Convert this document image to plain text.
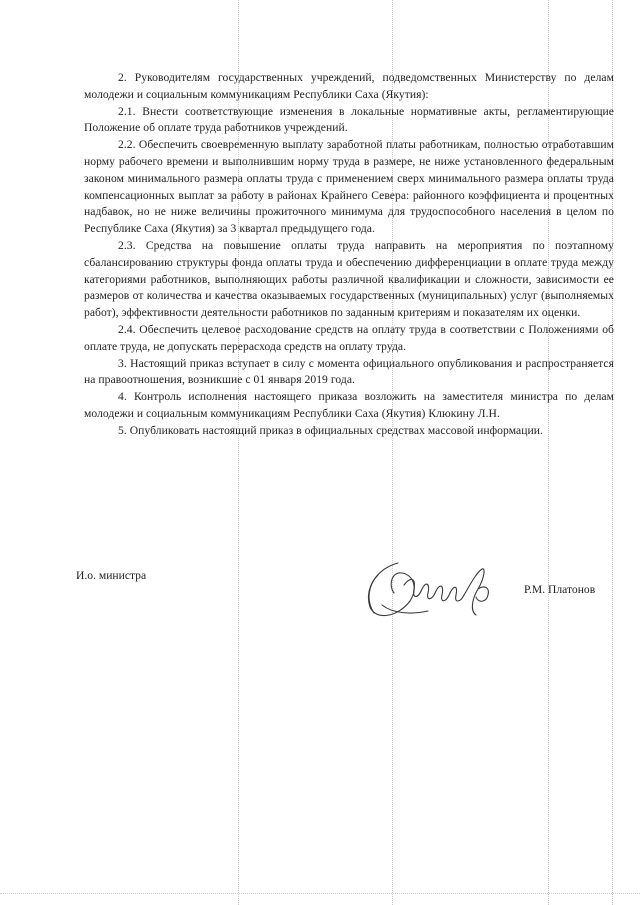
2. Руководителям государственных учреждений, подведомственных Министерству по делам молодежи и социальным коммуникациям Республики Саха (Якутия):

2.1. Внести соответствующие изменения в локальные нормативные акты, регламентирующие Положение об оплате труда работников учреждений.

2.2. Обеспечить своевременную выплату заработной платы работникам, полностью отработавшим норму рабочего времени и выполнившим норму труда в размере, не ниже установленного федеральным законом минимального размера оплаты труда с применением сверх минимального размера оплаты труда компенсационных выплат за работу в районах Крайнего Севера: районного коэффициента и процентных надбавок, но не ниже величины прожиточного минимума для трудоспособного населения в целом по Республике Саха (Якутия) за 3 квартал предыдущего года.

2.3. Средства на повышение оплаты труда направить на мероприятия по поэтапному сбалансированию структуры фонда оплаты труда и обеспечению дифференциации в оплате труда между категориями работников, выполняющих работы различной квалификации и сложности, зависимости ее размеров от количества и качества оказываемых государственных (муниципальных) услуг (выполняемых работ), эффективности деятельности работников по заданным критериям и показателям их оценки.

2.4. Обеспечить целевое расходование средств на оплату труда в соответствии с Положениями об оплате труда, не допускать перерасхода средств на оплату труда.

3. Настоящий приказ вступает в силу с момента официального опубликования и распространяется на правоотношения, возникшие с 01 января 2019 года.

4. Контроль исполнения настоящего приказа возложить на заместителя министра по делам молодежи и социальным коммуникациям Республики Саха (Якутия) Клюкину Л.Н.

5. Опубликовать настоящий приказ в официальных средствах массовой информации.

И.о. министра
Р.М. Платонов
